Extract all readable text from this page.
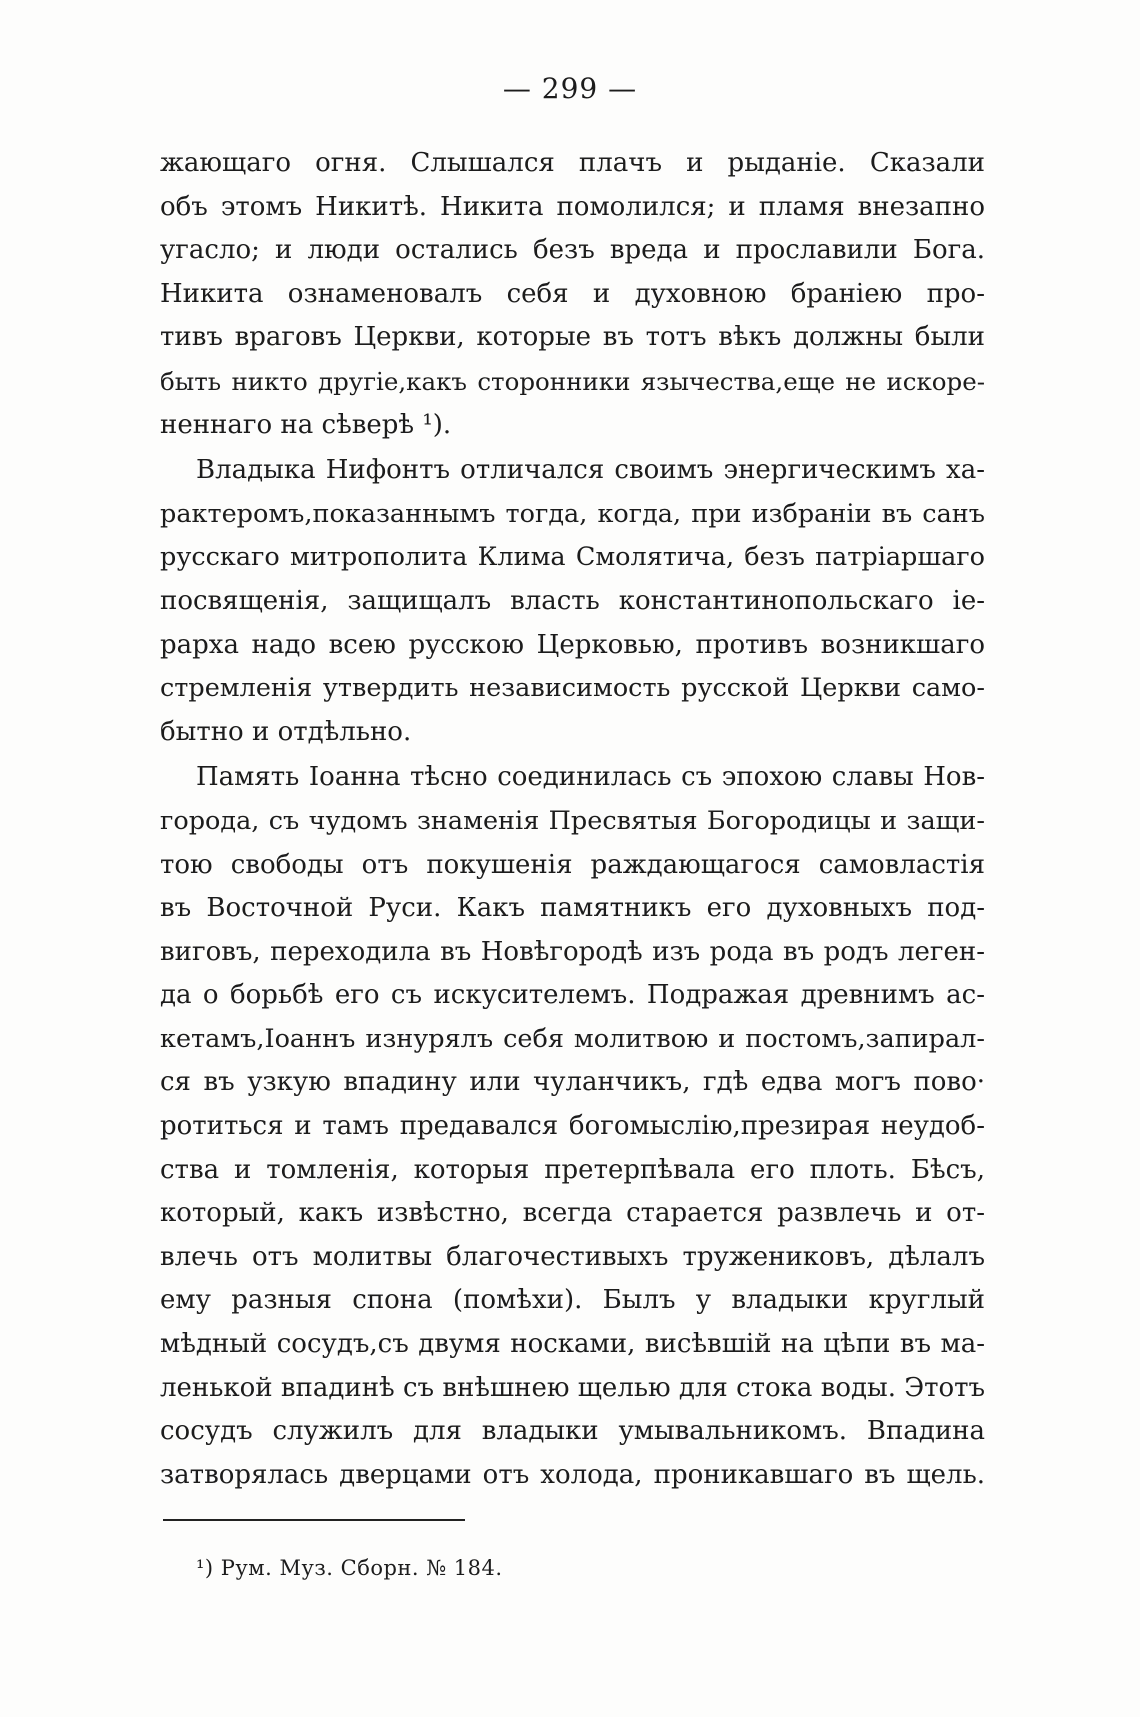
— 299 —
жающаго огня. Слышался плачъ и рыданіе. Сказали
объ этомъ Никитѣ. Никита помолился; и пламя внезапно
угасло; и люди остались безъ вреда и прославили Бога.
Никита ознаменовалъ себя и духовною бранiею про-
тивъ враговъ Церкви, которые въ тотъ вѣкъ должны были
быть никто другіе,какъ сторонники язычества,еще не искоре-
неннаго на сѣверѣ ¹).
Владыка Нифонтъ отличался своимъ энергическимъ ха-
рактеромъ,показаннымъ тогда, когда, при избраніи въ санъ
русскаго митрополита Клима Смолятича, безъ патріаршаго
посвященія, защищалъ власть константинопольскаго іе-
рарха надо всею русскою Церковью, противъ возникшаго
стремленія утвердить независимость русской Церкви само-
бытно и отдѣльно.
Память Іоанна тѣсно соединилась съ эпохою славы Нов-
города, съ чудомъ знаменія Пресвятыя Богородицы и защи-
тою свободы отъ покушенія раждающагося самовластія
въ Восточной Руси. Какъ памятникъ его духовныхъ под-
виговъ, переходила въ Новѣгородѣ изъ рода въ родъ леген-
да о борьбѣ его съ искусителемъ. Подражая древнимъ ас-
кетамъ,Іоаннъ изнурялъ себя молитвою и постомъ,запирал-
ся въ узкую впадину или чуланчикъ, гдѣ едва могъ пово·
ротиться и тамъ предавался богомыслію,презирая неудоб-
ства и томленія, которыя претерпѣвала его плоть. Бѣсъ,
который, какъ извѣстно, всегда старается развлечь и от-
влечь отъ молитвы благочестивыхъ тружениковъ, дѣлалъ
ему разныя спона (помѣхи). Былъ у владыки круглый
мѣдный сосудъ,съ двумя носками, висѣвшій на цѣпи въ ма-
ленькой впадинѣ съ внѣшнею щелью для стока воды. Этотъ
сосудъ служилъ для владыки умывальникомъ. Впадина
затворялась дверцами отъ холода, проникавшаго въ щель.
¹) Рум. Муз. Сборн. № 184.
